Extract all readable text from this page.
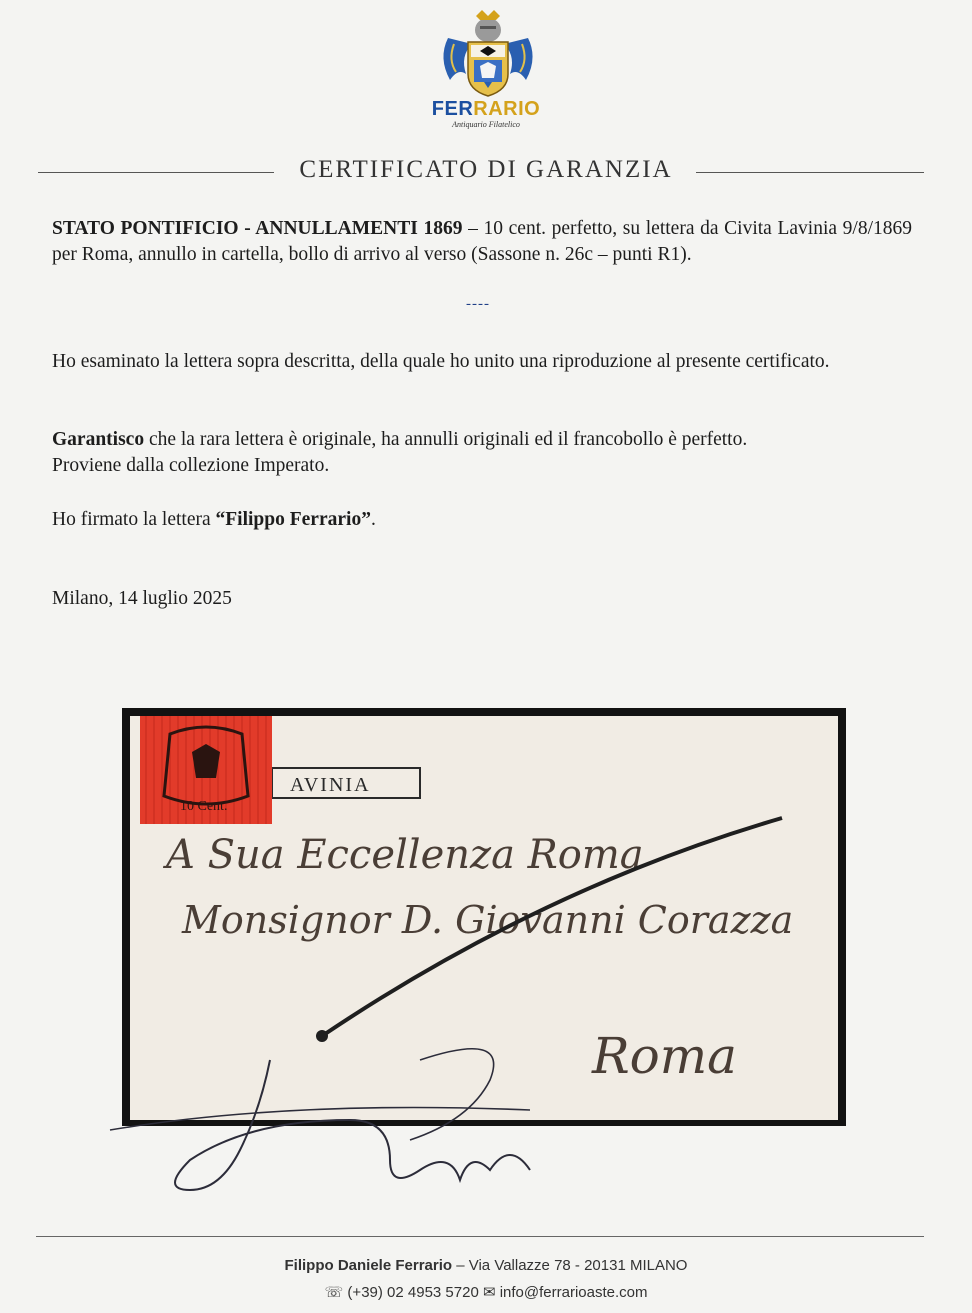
FERRARIO
Antiquario Filatelico
CERTIFICATO DI GARANZIA
STATO PONTIFICIO - ANNULLAMENTI 1869 – 10 cent. perfetto, su lettera da Civita Lavinia 9/8/1869 per Roma, annullo in cartella, bollo di arrivo al verso (Sassone n. 26c – punti R1).
----
Ho esaminato la lettera sopra descritta, della quale ho unito una riproduzione al presente certificato.
Garantisco che la rara lettera è originale, ha annulli originali ed il francobollo è perfetto.
Proviene dalla collezione Imperato.
Ho firmato la lettera “Filippo Ferrario”.
Milano, 14 luglio 2025
AVINIA
A Sua Eccellenza Roma
Monsignor D. Giovanni Corazza
Roma
10 Cent.
Filippo Daniele Ferrario – Via Vallazze 78 - 20131 MILANO
☏ (+39) 02 4953 5720 ✉ info@ferrarioaste.com
